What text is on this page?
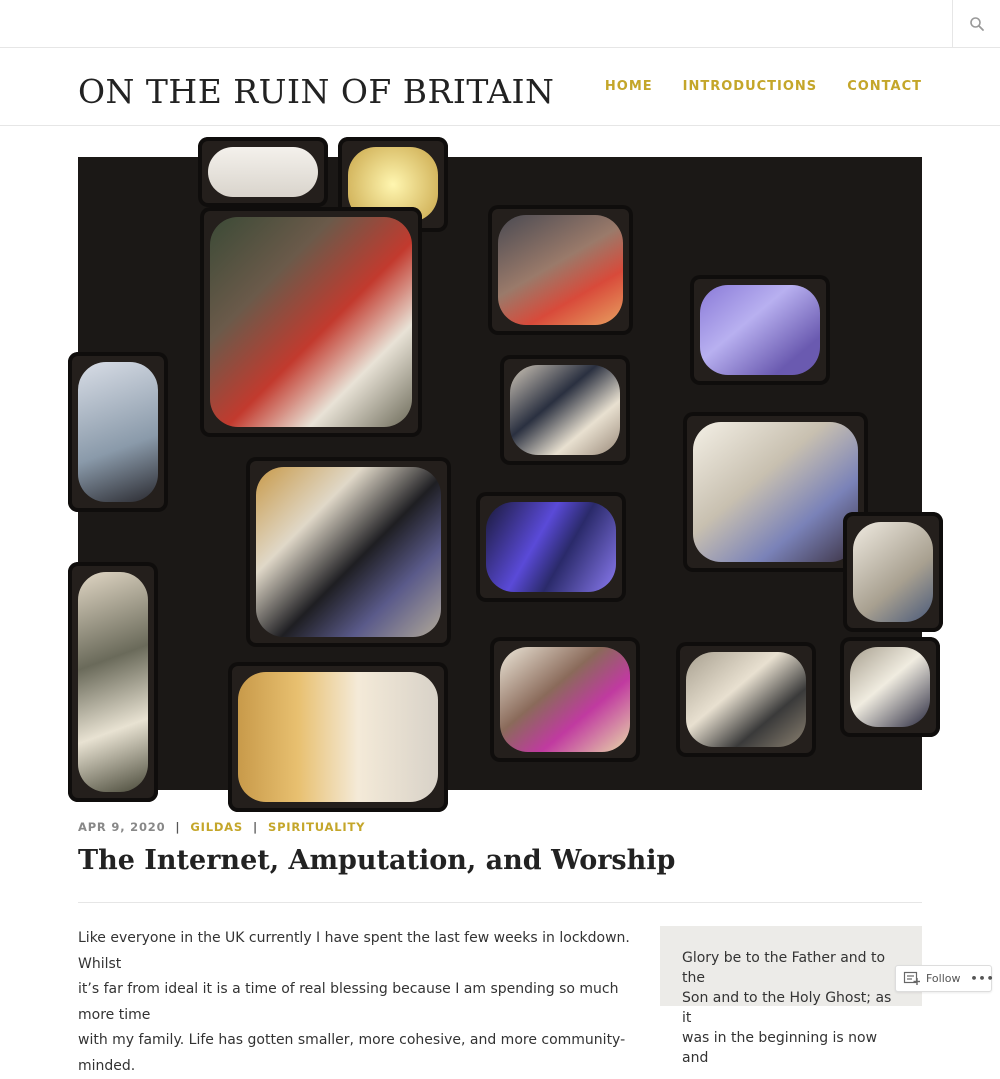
ON THE RUIN OF BRITAIN	HOME INTRODUCTIONS CONTACT
APR 9, 2020 | GILDAS | SPIRITUALITY
The Internet, Amputation, and Worship
Like everyone in the UK currently I have spent the last few weeks in lockdown. Whilst
it’s far from ideal it is a time of real blessing because I am spending so much more time
with my family. Life has gotten smaller, more cohesive, and more community-minded.
Glory be to the Father and to the
Son and to the Holy Ghost; as it
was in the beginning is now and
Follow •••
